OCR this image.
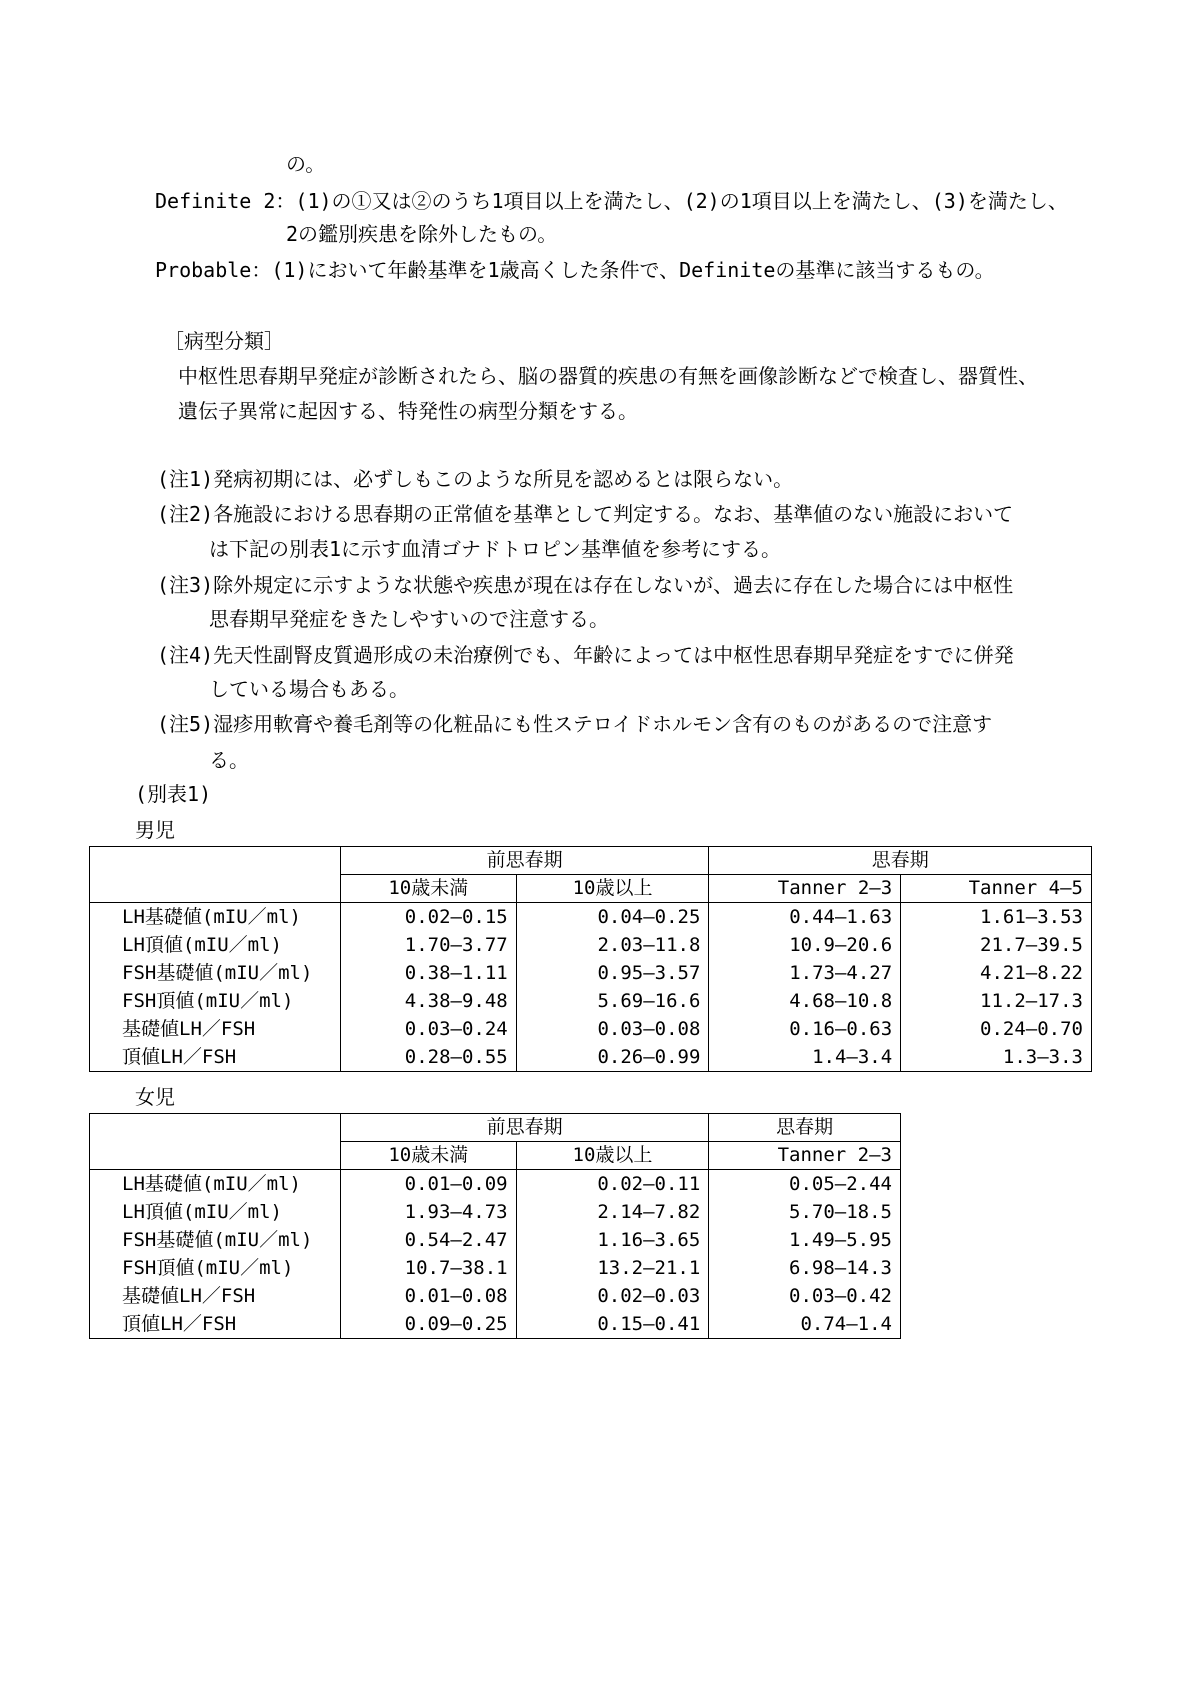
の。
Definite 2：(1)の①又は②のうち1項目以上を満たし、(2)の1項目以上を満たし、(3)を満たし、
2の鑑別疾患を除外したもの。
Probable：(1)において年齢基準を1歳高くした条件で、Definiteの基準に該当するもの。
［病型分類］
中枢性思春期早発症が診断されたら、脳の器質的疾患の有無を画像診断などで検査し、器質性、
遺伝子異常に起因する、特発性の病型分類をする。
(注1)発病初期には、必ずしもこのような所見を認めるとは限らない。
(注2)各施設における思春期の正常値を基準として判定する。なお、基準値のない施設において
は下記の別表1に示す血清ゴナドトロピン基準値を参考にする。
(注3)除外規定に示すような状態や疾患が現在は存在しないが、過去に存在した場合には中枢性
思春期早発症をきたしやすいので注意する。
(注4)先天性副腎皮質過形成の未治療例でも、年齢によっては中枢性思春期早発症をすでに併発
している場合もある。
(注5)湿疹用軟膏や養毛剤等の化粧品にも性ステロイドホルモン含有のものがあるので注意す
る。
(別表1)
男児
	前思春期		思春期	
	10歳未満	10歳以上	Tanner 2—3	Tanner 4—5
LH基礎値(mIU／ml)	0.02—0.15	0.04—0.25	0.44—1.63	1.61—3.53
LH頂値(mIU／ml)	1.70—3.77	2.03—11.8	10.9—20.6	21.7—39.5
FSH基礎値(mIU／ml)	0.38—1.11	0.95—3.57	1.73—4.27	4.21—8.22
FSH頂値(mIU／ml)	4.38—9.48	5.69—16.6	4.68—10.8	11.2—17.3
基礎値LH／FSH	0.03—0.24	0.03—0.08	0.16—0.63	0.24—0.70
頂値LH／FSH	0.28—0.55	0.26—0.99	1.4—3.4	1.3—3.3
女児
	前思春期		思春期
	10歳未満	10歳以上	Tanner 2—3
LH基礎値(mIU／ml)	0.01—0.09	0.02—0.11	0.05—2.44
LH頂値(mIU／ml)	1.93—4.73	2.14—7.82	5.70—18.5
FSH基礎値(mIU／ml)	0.54—2.47	1.16—3.65	1.49—5.95
FSH頂値(mIU／ml)	10.7—38.1	13.2—21.1	6.98—14.3
基礎値LH／FSH	0.01—0.08	0.02—0.03	0.03—0.42
頂値LH／FSH	0.09—0.25	0.15—0.41	0.74—1.4
